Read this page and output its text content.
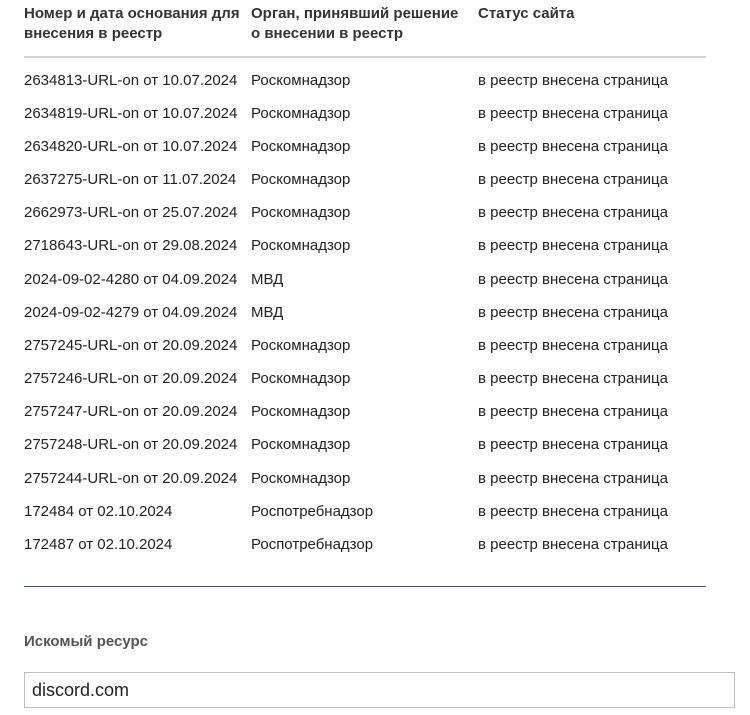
Номер и дата основания для внесения в реестр	Орган, принявший решение о внесении в реестр	Статус сайта
2634813-URL-on от 10.07.2024	Роскомнадзор	в реестр внесена страница
2634819-URL-on от 10.07.2024	Роскомнадзор	в реестр внесена страница
2634820-URL-on от 10.07.2024	Роскомнадзор	в реестр внесена страница
2637275-URL-on от 11.07.2024	Роскомнадзор	в реестр внесена страница
2662973-URL-on от 25.07.2024	Роскомнадзор	в реестр внесена страница
2718643-URL-on от 29.08.2024	Роскомнадзор	в реестр внесена страница
2024-09-02-4280 от 04.09.2024	МВД	в реестр внесена страница
2024-09-02-4279 от 04.09.2024	МВД	в реестр внесена страница
2757245-URL-on от 20.09.2024	Роскомнадзор	в реестр внесена страница
2757246-URL-on от 20.09.2024	Роскомнадзор	в реестр внесена страница
2757247-URL-on от 20.09.2024	Роскомнадзор	в реестр внесена страница
2757248-URL-on от 20.09.2024	Роскомнадзор	в реестр внесена страница
2757244-URL-on от 20.09.2024	Роскомнадзор	в реестр внесена страница
172484 от 02.10.2024	Роспотребнадзор	в реестр внесена страница
172487 от 02.10.2024	Роспотребнадзор	в реестр внесена страница
Искомый ресурс
discord.com
